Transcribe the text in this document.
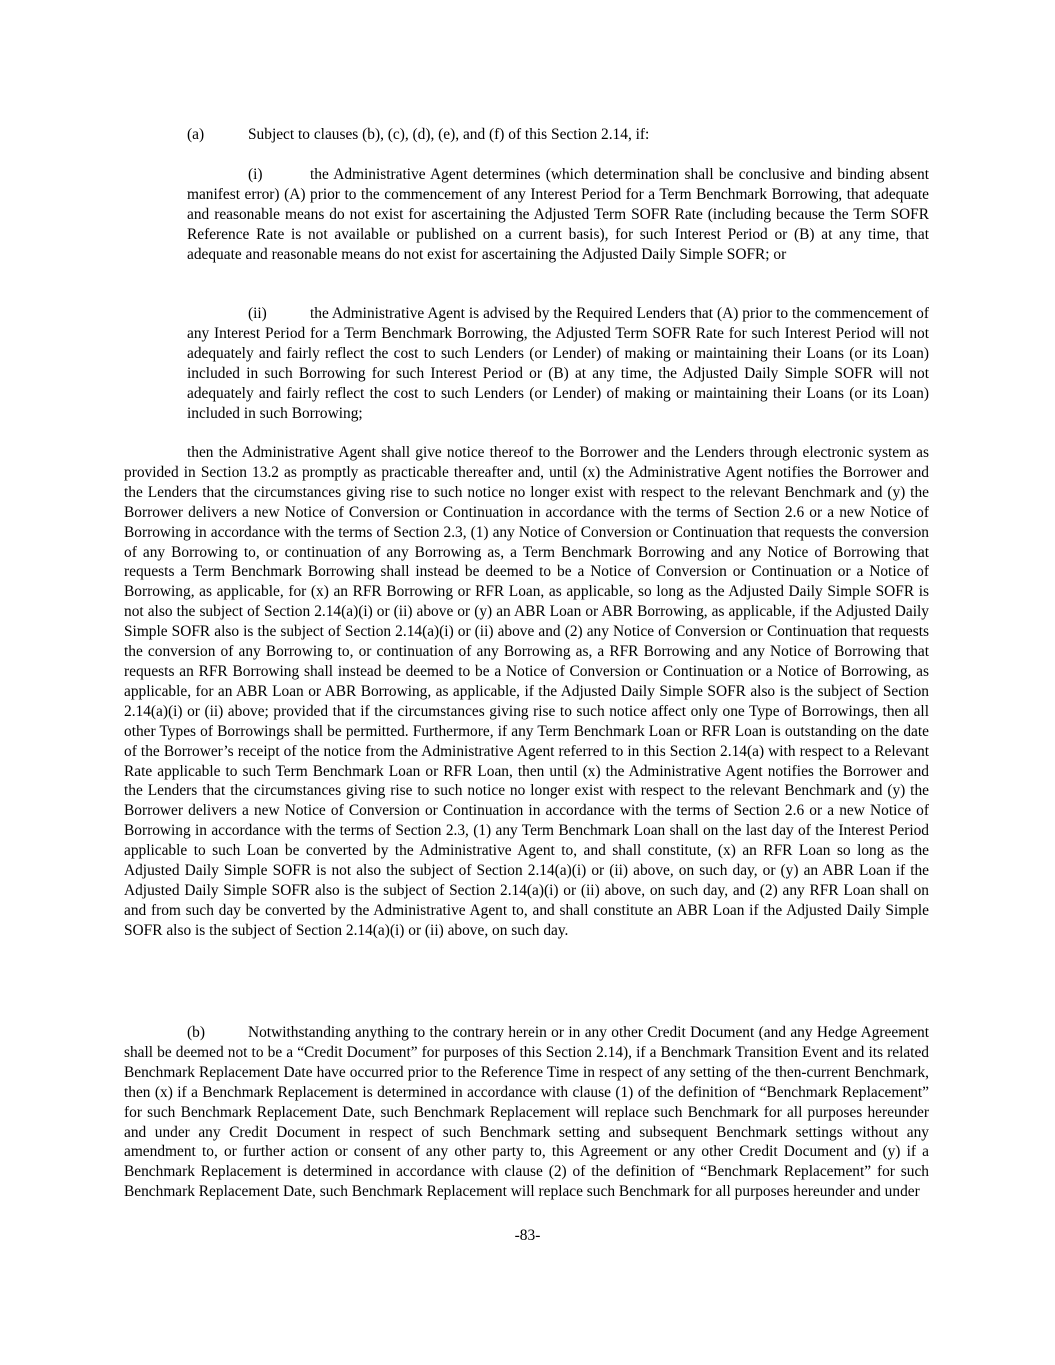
(a)	Subject to clauses (b), (c), (d), (e), and (f) of this Section 2.14, if:

(i)	the Administrative Agent determines (which determination shall be conclusive and binding absent manifest error) (A) prior to the commencement of any Interest Period for a Term Benchmark Borrowing, that adequate and reasonable means do not exist for ascertaining the Adjusted Term SOFR Rate (including because the Term SOFR Reference Rate is not available or published on a current basis), for such Interest Period or (B) at any time, that adequate and reasonable means do not exist for ascertaining the Adjusted Daily Simple SOFR; or

(ii)	the Administrative Agent is advised by the Required Lenders that (A) prior to the commencement of any Interest Period for a Term Benchmark Borrowing, the Adjusted Term SOFR Rate for such Interest Period will not adequately and fairly reflect the cost to such Lenders (or Lender) of making or maintaining their Loans (or its Loan) included in such Borrowing for such Interest Period or (B) at any time, the Adjusted Daily Simple SOFR will not adequately and fairly reflect the cost to such Lenders (or Lender) of making or maintaining their Loans (or its Loan) included in such Borrowing;

then the Administrative Agent shall give notice thereof to the Borrower and the Lenders through electronic system as provided in Section 13.2 as promptly as practicable thereafter and, until (x) the Administrative Agent notifies the Borrower and the Lenders that the circumstances giving rise to such notice no longer exist with respect to the relevant Benchmark and (y) the Borrower delivers a new Notice of Conversion or Continuation in accordance with the terms of Section 2.6 or a new Notice of Borrowing in accordance with the terms of Section 2.3, (1) any Notice of Conversion or Continuation that requests the conversion of any Borrowing to, or continuation of any Borrowing as, a Term Benchmark Borrowing and any Notice of Borrowing that requests a Term Benchmark Borrowing shall instead be deemed to be a Notice of Conversion or Continuation or a Notice of Borrowing, as applicable, for (x) an RFR Borrowing or RFR Loan, as applicable, so long as the Adjusted Daily Simple SOFR is not also the subject of Section 2.14(a)(i) or (ii) above or (y) an ABR Loan or ABR Borrowing, as applicable, if the Adjusted Daily Simple SOFR also is the subject of Section 2.14(a)(i) or (ii) above and (2) any Notice of Conversion or Continuation that requests the conversion of any Borrowing to, or continuation of any Borrowing as, a RFR Borrowing and any Notice of Borrowing that requests an RFR Borrowing shall instead be deemed to be a Notice of Conversion or Continuation or a Notice of Borrowing, as applicable, for an ABR Loan or ABR Borrowing, as applicable, if the Adjusted Daily Simple SOFR also is the subject of Section 2.14(a)(i) or (ii) above; provided that if the circumstances giving rise to such notice affect only one Type of Borrowings, then all other Types of Borrowings shall be permitted. Furthermore, if any Term Benchmark Loan or RFR Loan is outstanding on the date of the Borrower’s receipt of the notice from the Administrative Agent referred to in this Section 2.14(a) with respect to a Relevant Rate applicable to such Term Benchmark Loan or RFR Loan, then until (x) the Administrative Agent notifies the Borrower and the Lenders that the circumstances giving rise to such notice no longer exist with respect to the relevant Benchmark and (y) the Borrower delivers a new Notice of Conversion or Continuation in accordance with the terms of Section 2.6 or a new Notice of Borrowing in accordance with the terms of Section 2.3, (1) any Term Benchmark Loan shall on the last day of the Interest Period applicable to such Loan be converted by the Administrative Agent to, and shall constitute, (x) an RFR Loan so long as the Adjusted Daily Simple SOFR is not also the subject of Section 2.14(a)(i) or (ii) above, on such day, or (y) an ABR Loan if the Adjusted Daily Simple SOFR also is the subject of Section 2.14(a)(i) or (ii) above, on such day, and (2) any RFR Loan shall on and from such day be converted by the Administrative Agent to, and shall constitute an ABR Loan if the Adjusted Daily Simple SOFR also is the subject of Section 2.14(a)(i) or (ii) above, on such day.

(b)	Notwithstanding anything to the contrary herein or in any other Credit Document (and any Hedge Agreement shall be deemed not to be a “Credit Document” for purposes of this Section 2.14), if a Benchmark Transition Event and its related Benchmark Replacement Date have occurred prior to the Reference Time in respect of any setting of the then-current Benchmark, then (x) if a Benchmark Replacement is determined in accordance with clause (1) of the definition of “Benchmark Replacement” for such Benchmark Replacement Date, such Benchmark Replacement will replace such Benchmark for all purposes hereunder and under any Credit Document in respect of such Benchmark setting and subsequent Benchmark settings without any amendment to, or further action or consent of any other party to, this Agreement or any other Credit Document and (y) if a Benchmark Replacement is determined in accordance with clause (2) of the definition of “Benchmark Replacement” for such Benchmark Replacement Date, such Benchmark Replacement will replace such Benchmark for all purposes hereunder and under

-83-
